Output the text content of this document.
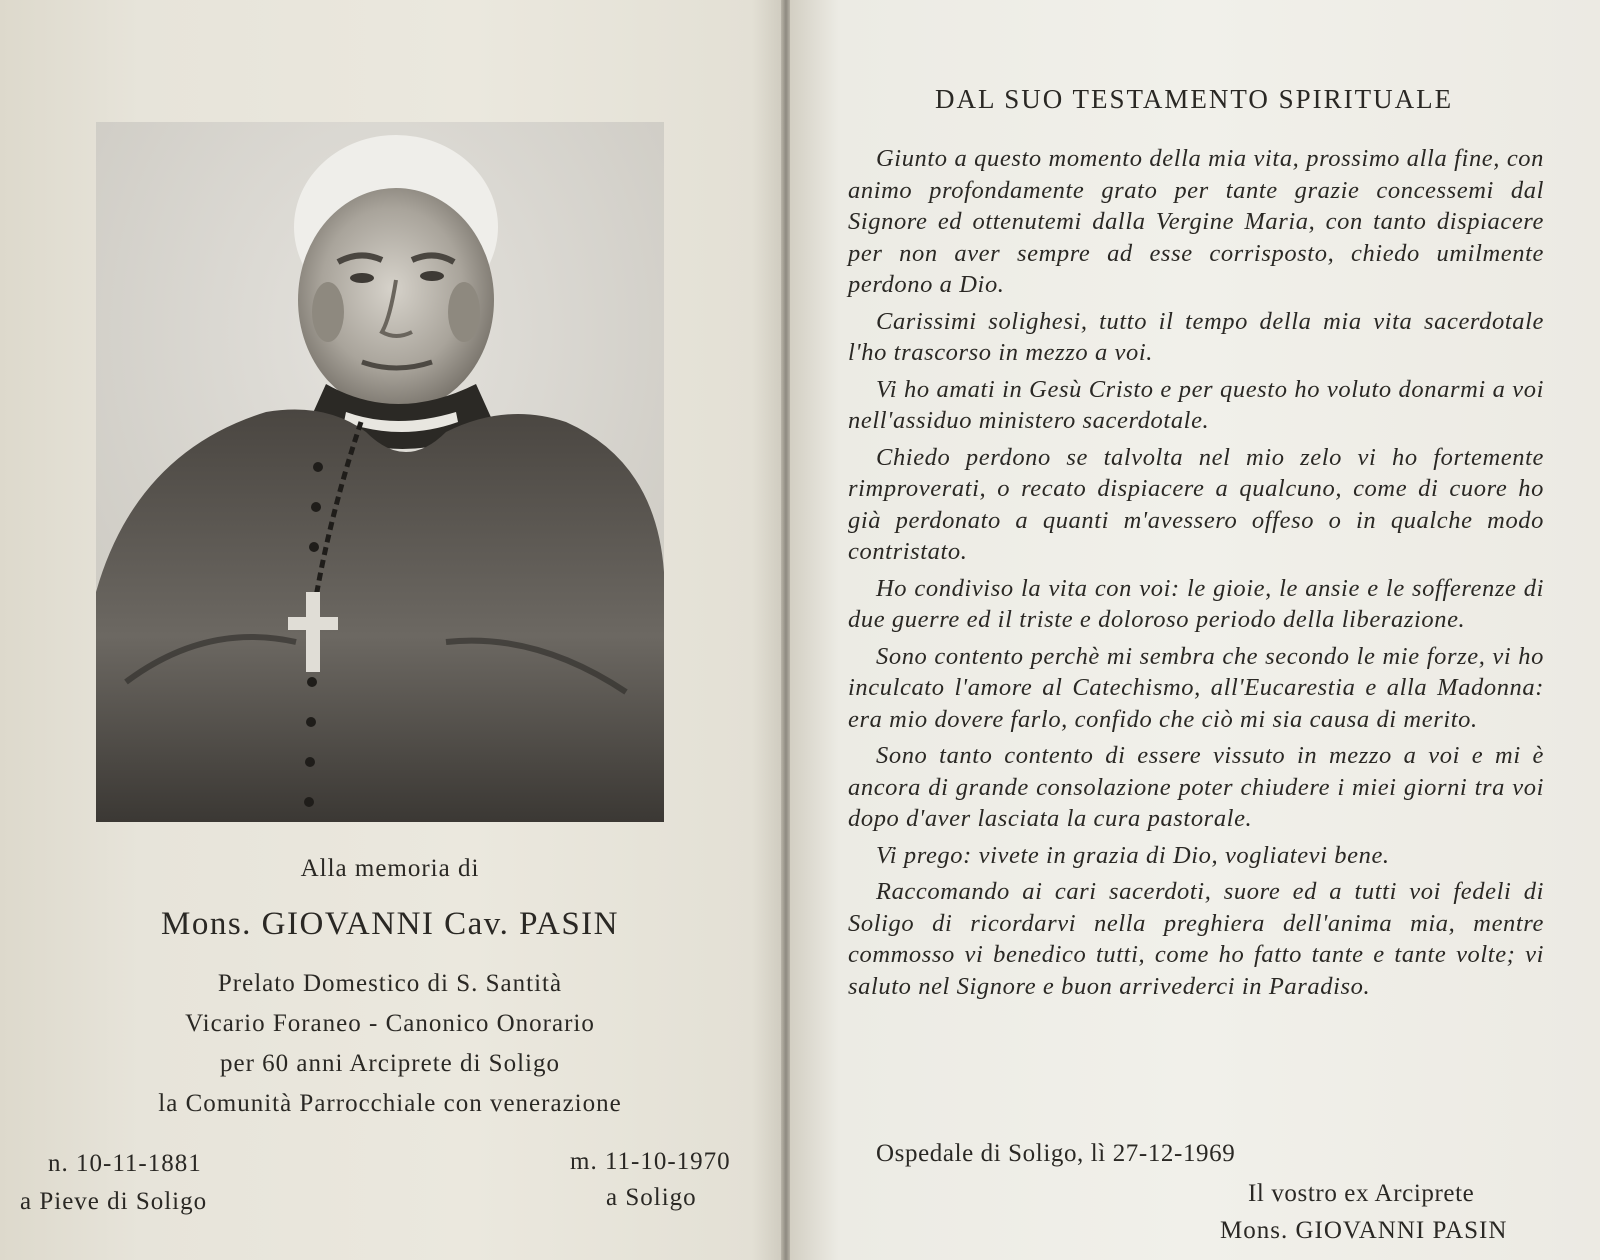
Alla memoria di
Mons. GIOVANNI Cav. PASIN
Prelato Domestico di S. Santità
Vicario Foraneo - Canonico Onorario
per 60 anni Arciprete di Soligo
la Comunità Parrocchiale con venerazione
n. 10-11-1881
a Pieve di Soligo
m. 11-10-1970
a Soligo
DAL SUO TESTAMENTO SPIRITUALE

Giunto a questo momento della mia vita, prossimo alla fine, con animo profondamente grato per tante grazie concessemi dal Signore ed ottenutemi dalla Vergine Maria, con tanto dispiacere per non aver sempre ad esse corrisposto, chiedo umilmente perdono a Dio.

Carissimi solighesi, tutto il tempo della mia vita sacerdotale l'ho trascorso in mezzo a voi.

Vi ho amati in Gesù Cristo e per questo ho voluto donarmi a voi nell'assiduo ministero sacerdotale.

Chiedo perdono se talvolta nel mio zelo vi ho fortemente rimproverati, o recato dispiacere a qualcuno, come di cuore ho già perdonato a quanti m'avessero offeso o in qualche modo contristato.

Ho condiviso la vita con voi: le gioie, le ansie e le sofferenze di due guerre ed il triste e doloroso periodo della liberazione.

Sono contento perchè mi sembra che secondo le mie forze, vi ho inculcato l'amore al Catechismo, all'Eucarestia e alla Madonna: era mio dovere farlo, confido che ciò mi sia causa di merito.

Sono tanto contento di essere vissuto in mezzo a voi e mi è ancora di grande consolazione poter chiudere i miei giorni tra voi dopo d'aver lasciata la cura pastorale.

Vi prego: vivete in grazia di Dio, vogliatevi bene.

Raccomando ai cari sacerdoti, suore ed a tutti voi fedeli di Soligo di ricordarvi nella preghiera dell'anima mia, mentre commosso vi benedico tutti, come ho fatto tante e tante volte; vi saluto nel Signore e buon arrivederci in Paradiso.

Ospedale di Soligo, lì 27-12-1969
Il vostro ex Arciprete
Mons. GIOVANNI PASIN
